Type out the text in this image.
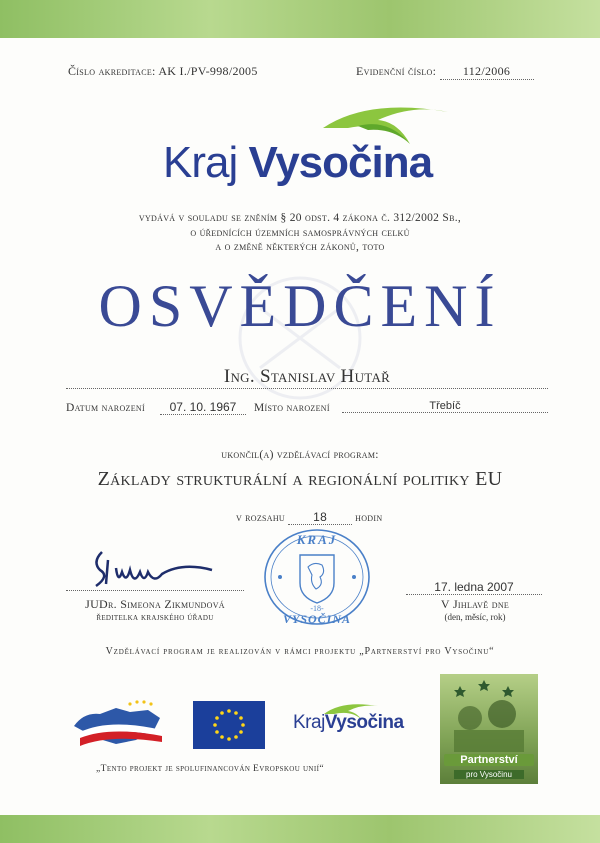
Číslo akreditace: AK I./PV-998/2005	Evidenční číslo: 112/2006
Kraj Vysočina
vydává v souladu se zněním § 20 odst. 4 zákona č. 312/2002 Sb.,
o úřednících územních samosprávných celků
a o změně některých zákonů, toto
OSVĚDČENÍ
Ing. Stanislav Hutař
Datum narození	07. 10. 1967	Místo narození	Třebíč
ukončil(a) vzdělávací program:
Základy strukturální a regionální politiky EU
v rozsahu 18	hodin
JUDr. Simeona Zikmundová
ředitelka krajského úřadu
KRAJ
-18-
VYSOČINA
17. ledna 2007
V Jihlavě dne
(den, měsíc, rok)
Vzdělávací program je realizován v rámci projektu „Partnerství pro Vysočinu“
KrajVysočina
Partnerství
pro Vysočinu
„Tento projekt je spolufinancován Evropskou unií“
